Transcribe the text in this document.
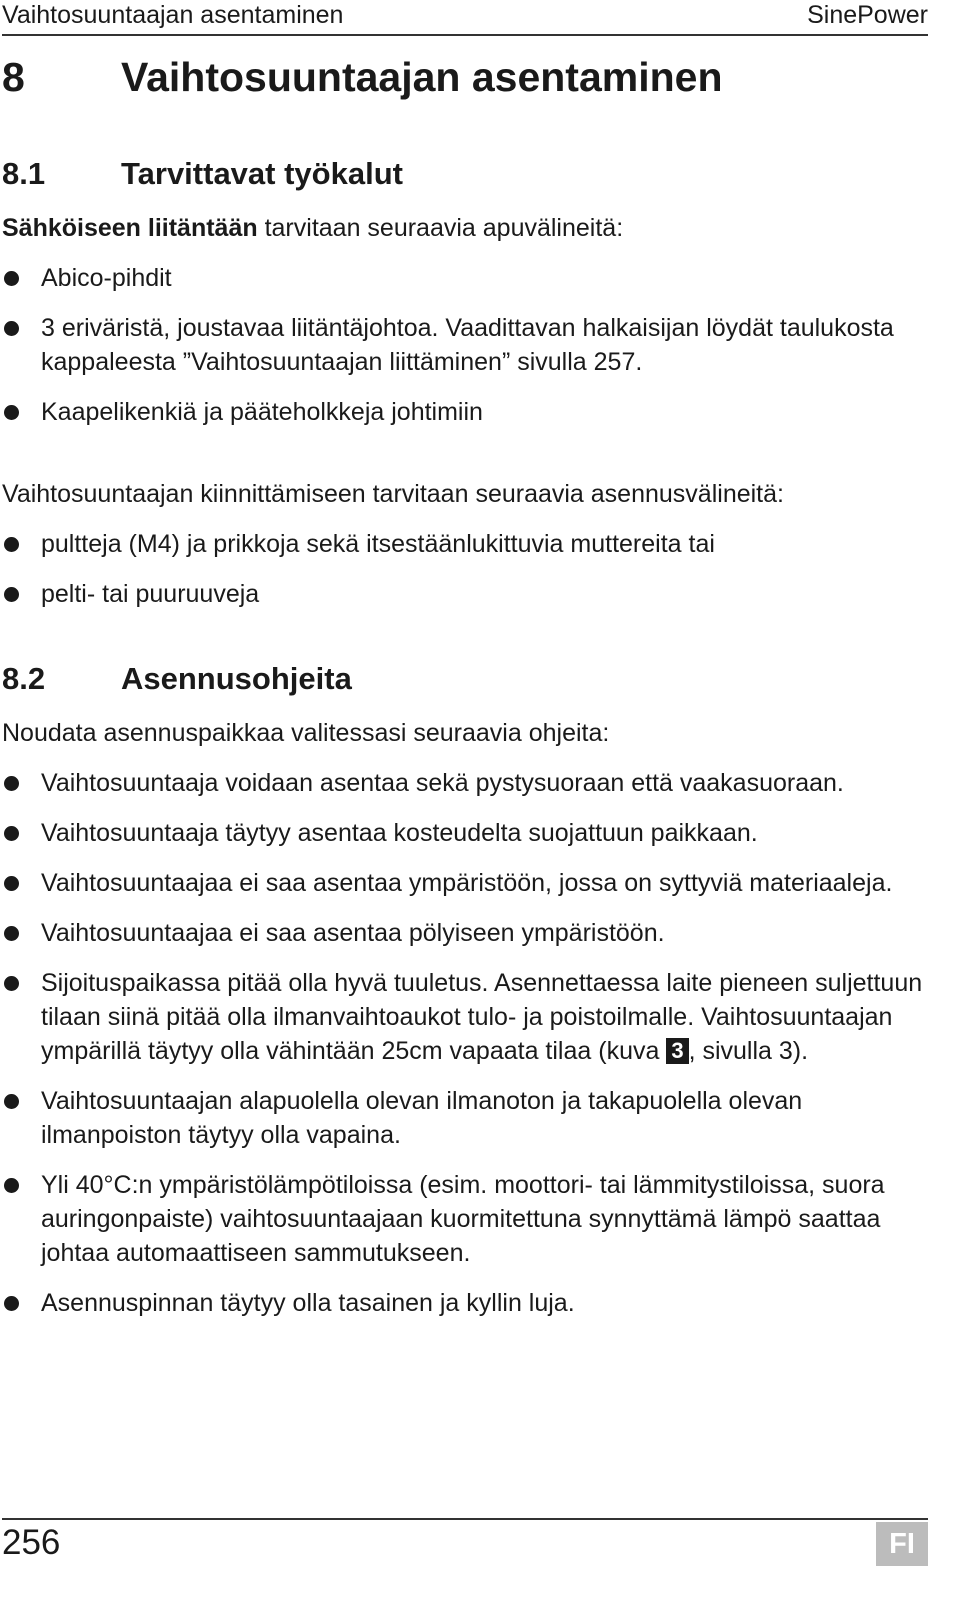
Vaihtosuuntaajan asentaminen	SinePower
8 Vaihtosuuntaajan asentaminen
8.1 Tarvittavat työkalut
Sähköiseen liitäntään tarvitaan seuraavia apuvälineitä:
Abico-pihdit
3 eriväristä, joustavaa liitäntäjohtoa. Vaadittavan halkaisijan löydät taulukosta kappaleesta ”Vaihtosuuntaajan liittäminen” sivulla 257.
Kaapelikenkiä ja pääteholkkeja johtimiin
Vaihtosuuntaajan kiinnittämiseen tarvitaan seuraavia asennusvälineitä:
pultteja (M4) ja prikkoja sekä itsestäänlukittuvia muttereita tai
pelti- tai puuruuveja
8.2 Asennusohjeita
Noudata asennuspaikkaa valitessasi seuraavia ohjeita:
Vaihtosuuntaaja voidaan asentaa sekä pystysuoraan että vaakasuoraan.
Vaihtosuuntaaja täytyy asentaa kosteudelta suojattuun paikkaan.
Vaihtosuuntaajaa ei saa asentaa ympäristöön, jossa on syttyviä materiaaleja.
Vaihtosuuntaajaa ei saa asentaa pölyiseen ympäristöön.
Sijoituspaikassa pitää olla hyvä tuuletus. Asennettaessa laite pieneen suljettuun tilaan siinä pitää olla ilmanvaihtoaukot tulo- ja poistoilmalle. Vaihtosuuntaajan ympärillä täytyy olla vähintään 25cm vapaata tilaa (kuva 3 , sivulla 3).
Vaihtosuuntaajan alapuolella olevan ilmanoton ja takapuolella olevan ilmanpoiston täytyy olla vapaina.
Yli 40°C:n ympäristölämpötiloissa (esim. moottori- tai lämmitystiloissa, suora auringonpaiste) vaihtosuuntaajaan kuormitettuna synnyttämä lämpö saattaa johtaa automaattiseen sammutukseen.
Asennuspinnan täytyy olla tasainen ja kyllin luja.
256	FI
